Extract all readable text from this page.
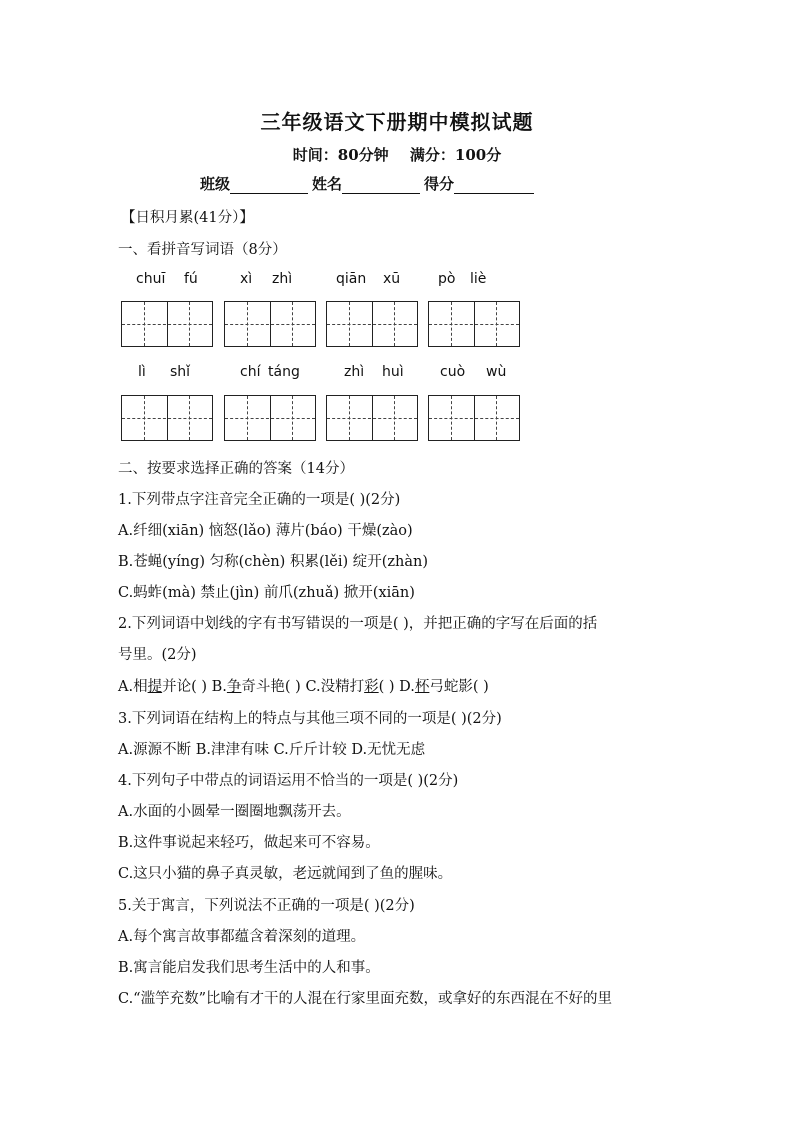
三年级语文下册期中模拟试题
时间：80分钟 满分：100分
班级	姓名	得分
【日积月累(41分）】
一、看拼音写词语（8分）
chuī fú	xì zhì	qiān xū	pò liè
lì shǐ	chí táng	zhì huì	cuò wù
二、按要求选择正确的答案（14分）
1.下列带点字注音完全正确的一项是( )(2分)
A.纤细(xiān) 恼怒(lǎo) 薄片(báo) 干燥(zào)
B.苍蝇(yíng) 匀称(chèn) 积累(lěi) 绽开(zhàn)
C.蚂蚱(mà) 禁止(jìn) 前爪(zhuǎ) 掀开(xiān)
2.下列词语中划线的字有书写错误的一项是( )，并把正确的字写在后面的括
号里。(2分)
A.相提并论( ) B.争奇斗艳( ) C.没精打彩( ) D.杯弓蛇影( )
3.下列词语在结构上的特点与其他三项不同的一项是( )(2分)
A.源源不断 B.津津有味 C.斤斤计较 D.无忧无虑
4.下列句子中带点的词语运用不恰当的一项是( )(2分)
A.水面的小圆晕一圈圈地飘荡开去。
B.这件事说起来轻巧，做起来可不容易。
C.这只小猫的鼻子真灵敏，老远就闻到了鱼的腥味。
5.关于寓言，下列说法不正确的一项是( )(2分)
A.每个寓言故事都蕴含着深刻的道理。
B.寓言能启发我们思考生活中的人和事。
C.“滥竽充数”比喻有才干的人混在行家里面充数，或拿好的东西混在不好的里
